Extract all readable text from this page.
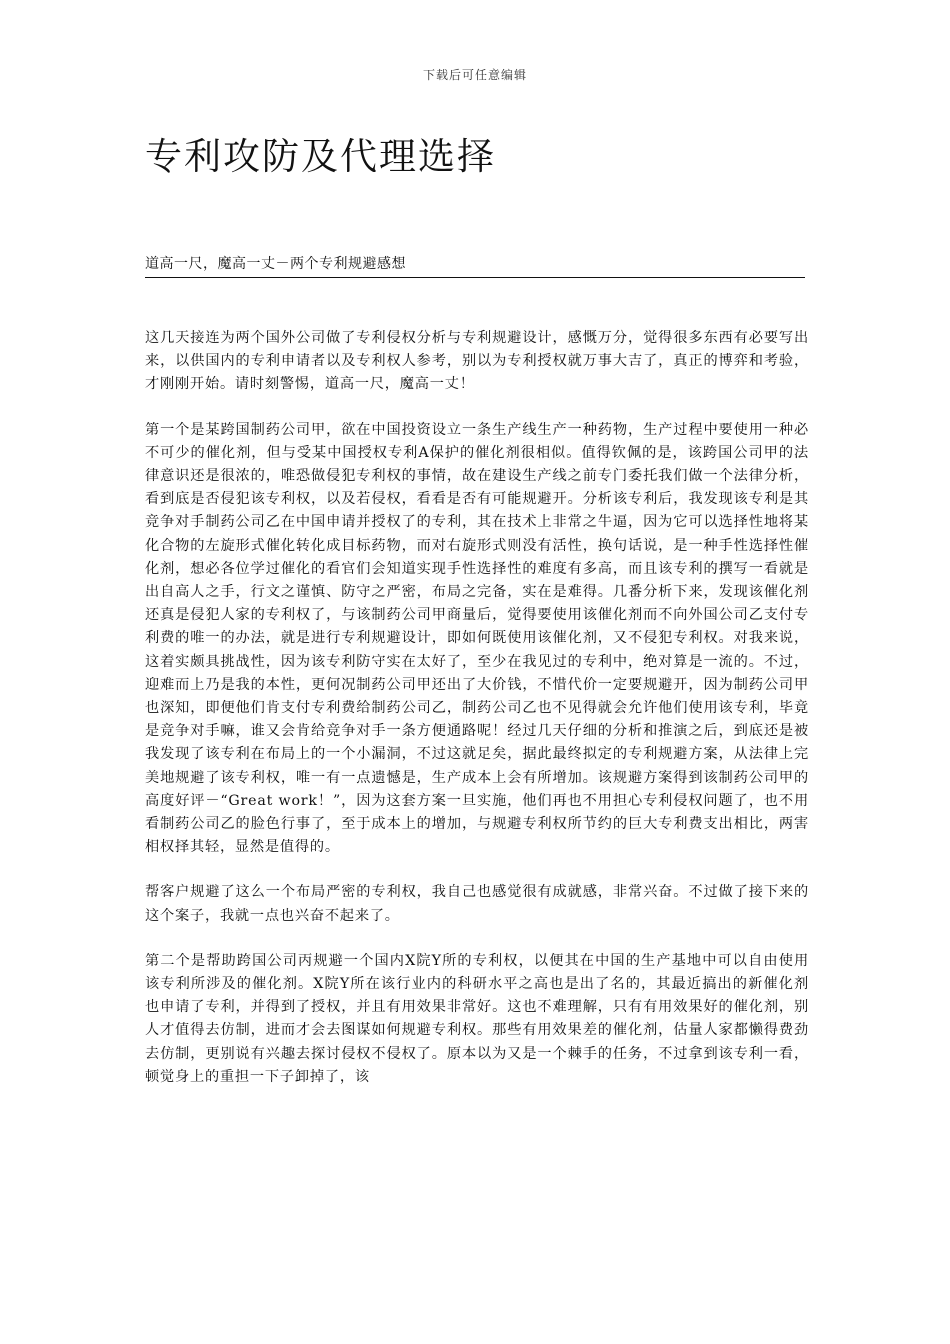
下载后可任意编辑
专利攻防及代理选择
道高一尺，魔高一丈－两个专利规避感想

这几天接连为两个国外公司做了专利侵权分析与专利规避设计，感慨万分，觉得很多东西有必要写出来，以供国内的专利申请者以及专利权人参考，别以为专利授权就万事大吉了，真正的博弈和考验，才刚刚开始。请时刻警惕，道高一尺，魔高一丈！

第一个是某跨国制药公司甲，欲在中国投资设立一条生产线生产一种药物，生产过程中要使用一种必不可少的催化剂，但与受某中国授权专利A保护的催化剂很相似。值得钦佩的是，该跨国公司甲的法律意识还是很浓的，唯恐做侵犯专利权的事情，故在建设生产线之前专门委托我们做一个法律分析，看到底是否侵犯该专利权，以及若侵权，看看是否有可能规避开。分析该专利后，我发现该专利是其竞争对手制药公司乙在中国申请并授权了的专利，其在技术上非常之牛逼，因为它可以选择性地将某化合物的左旋形式催化转化成目标药物，而对右旋形式则没有活性，换句话说，是一种手性选择性催化剂，想必各位学过催化的看官们会知道实现手性选择性的难度有多高，而且该专利的撰写一看就是出自高人之手，行文之谨慎、防守之严密，布局之完备，实在是难得。几番分析下来，发现该催化剂还真是侵犯人家的专利权了，与该制药公司甲商量后，觉得要使用该催化剂而不向外国公司乙支付专利费的唯一的办法，就是进行专利规避设计，即如何既使用该催化剂，又不侵犯专利权。对我来说，这着实颇具挑战性，因为该专利防守实在太好了，至少在我见过的专利中，绝对算是一流的。不过，迎难而上乃是我的本性，更何况制药公司甲还出了大价钱，不惜代价一定要规避开，因为制药公司甲也深知，即便他们肯支付专利费给制药公司乙，制药公司乙也不见得就会允许他们使用该专利，毕竟是竞争对手嘛，谁又会肯给竞争对手一条方便通路呢！经过几天仔细的分析和推演之后，到底还是被我发现了该专利在布局上的一个小漏洞，不过这就足矣，据此最终拟定的专利规避方案，从法律上完美地规避了该专利权，唯一有一点遗憾是，生产成本上会有所增加。该规避方案得到该制药公司甲的高度好评－“Great work！”，因为这套方案一旦实施，他们再也不用担心专利侵权问题了，也不用看制药公司乙的脸色行事了，至于成本上的增加，与规避专利权所节约的巨大专利费支出相比，两害相权择其轻，显然是值得的。

帮客户规避了这么一个布局严密的专利权，我自己也感觉很有成就感，非常兴奋。不过做了接下来的这个案子，我就一点也兴奋不起来了。

第二个是帮助跨国公司丙规避一个国内X院Y所的专利权，以便其在中国的生产基地中可以自由使用该专利所涉及的催化剂。X院Y所在该行业内的科研水平之高也是出了名的，其最近搞出的新催化剂也申请了专利，并得到了授权，并且有用效果非常好。这也不难理解，只有有用效果好的催化剂，别人才值得去仿制，进而才会去图谋如何规避专利权。那些有用效果差的催化剂，估量人家都懒得费劲去仿制，更别说有兴趣去探讨侵权不侵权了。原本以为又是一个棘手的任务，不过拿到该专利一看，顿觉身上的重担一下子卸掉了，该
